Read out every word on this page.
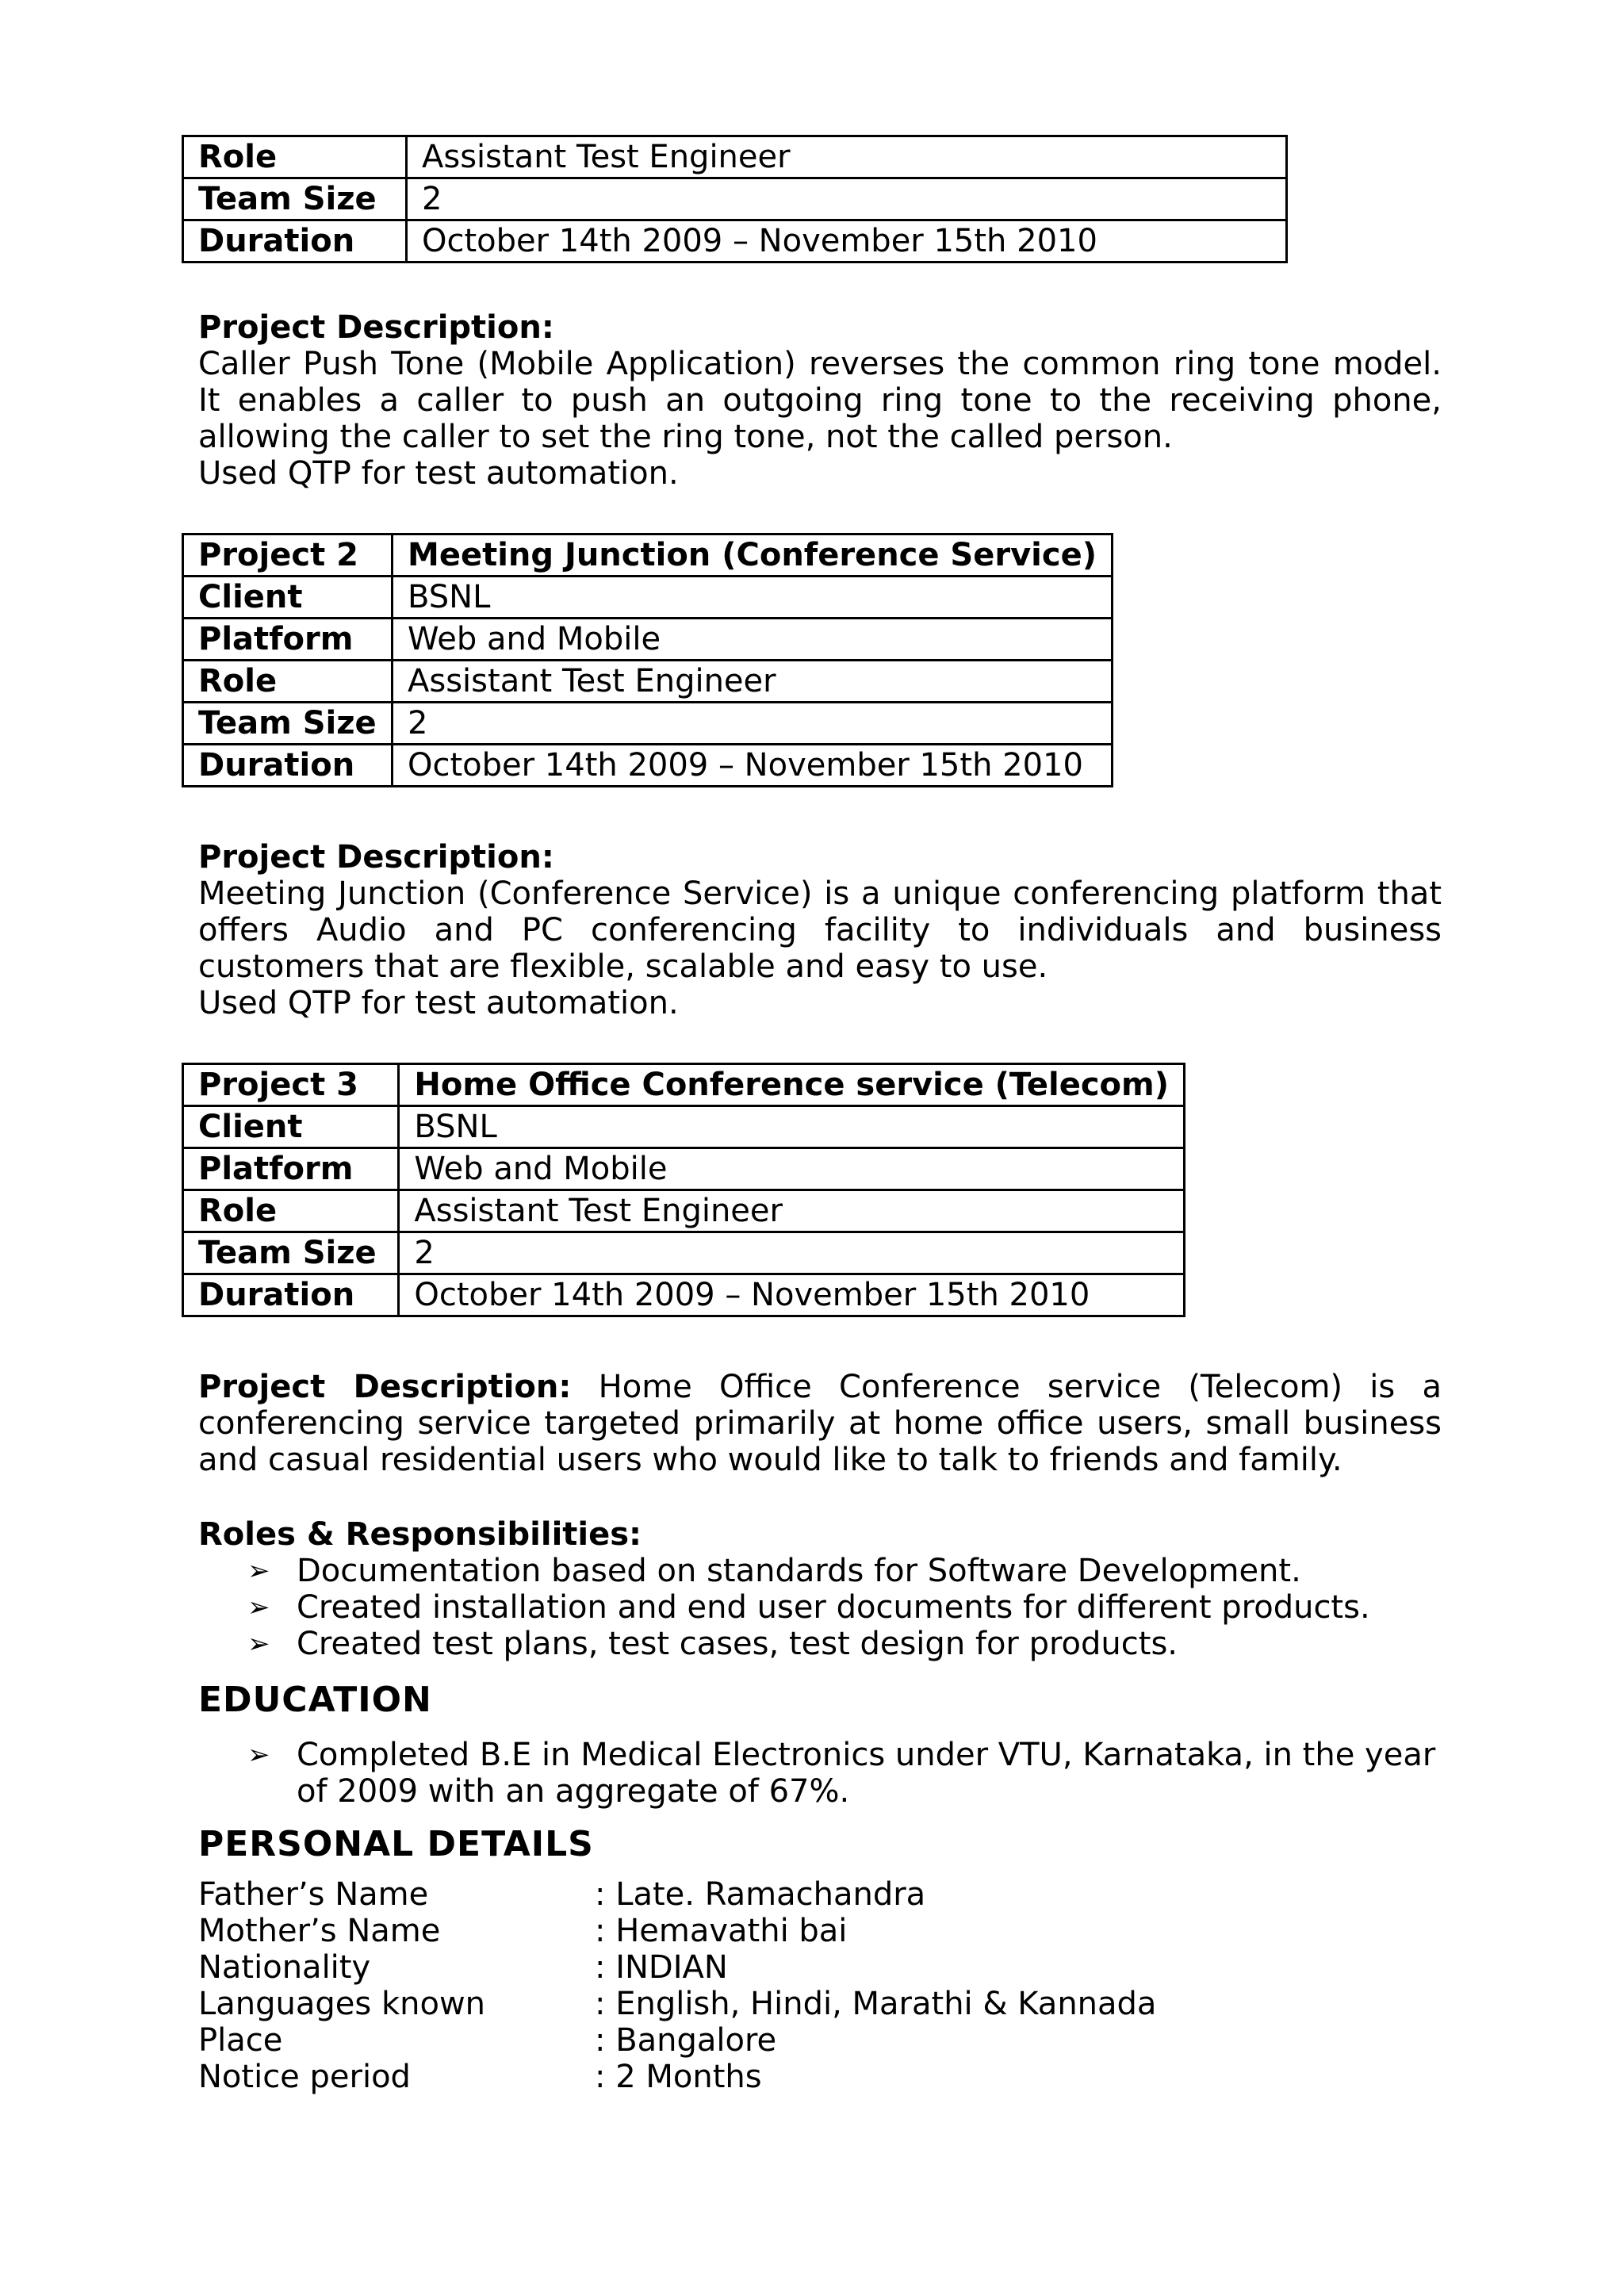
Role	Assistant Test Engineer
Team Size	2
Duration	October 14th 2009 – November 15th 2010
Project Description:

Caller Push Tone (Mobile Application) reverses the common ring tone model. It enables a caller to push an outgoing ring tone to the receiving phone, allowing the caller to set the ring tone, not the called person.

Used QTP for test automation.
Project 2	Meeting Junction (Conference Service)
Client	BSNL
Platform	Web and Mobile
Role	Assistant Test Engineer
Team Size	2
Duration	October 14th 2009 – November 15th 2010
Project Description:

Meeting Junction (Conference Service) is a unique conferencing platform that offers Audio and PC conferencing facility to individuals and business customers that are flexible, scalable and easy to use.

Used QTP for test automation.
Project 3	Home Office Conference service (Telecom)
Client	BSNL
Platform	Web and Mobile
Role	Assistant Test Engineer
Team Size	2
Duration	October 14th 2009 – November 15th 2010

Project Description: Home Office Conference service (Telecom) is a conferencing service targeted primarily at home office users, small business and casual residential users who would like to talk to friends and family.

Roles & Responsibilities:
➢ Documentation based on standards for Software Development.
➢ Created installation and end user documents for different products.
➢ Created test plans, test cases, test design for products.
EDUCATION
➢ Completed B.E in Medical Electronics under VTU, Karnataka, in the year of 2009 with an aggregate of 67%.
PERSONAL DETAILS
Father’s Name	: Late. Ramachandra
Mother’s Name	: Hemavathi bai
Nationality	: INDIAN
Languages known	: English, Hindi, Marathi & Kannada
Place	: Bangalore
Notice period	: 2 Months
